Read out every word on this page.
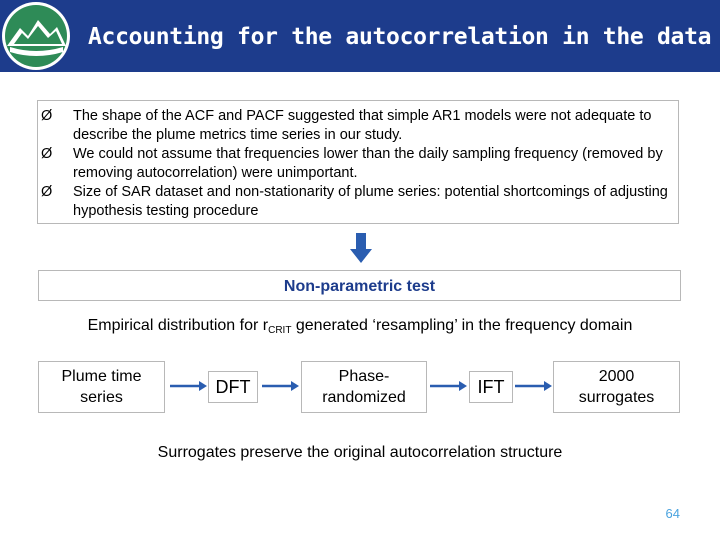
Accounting for the autocorrelation in the data
Ø	The shape of the ACF and PACF suggested that simple AR1 models were not adequate to describe the plume metrics time series in our study.
Ø	We could not assume that frequencies lower than the daily sampling frequency (removed by removing autocorrelation) were unimportant.
Ø	Size of SAR dataset and non-stationarity of plume series: potential shortcomings of adjusting hypothesis testing procedure
Non-parametric test
Empirical distribution for $r_{CRIT}$ generated ‘resampling’ in the frequency domain
Plume time series
DFT	Phase-randomized
IFT	2000 surrogates
Surrogates preserve the original autocorrelation structure
64
